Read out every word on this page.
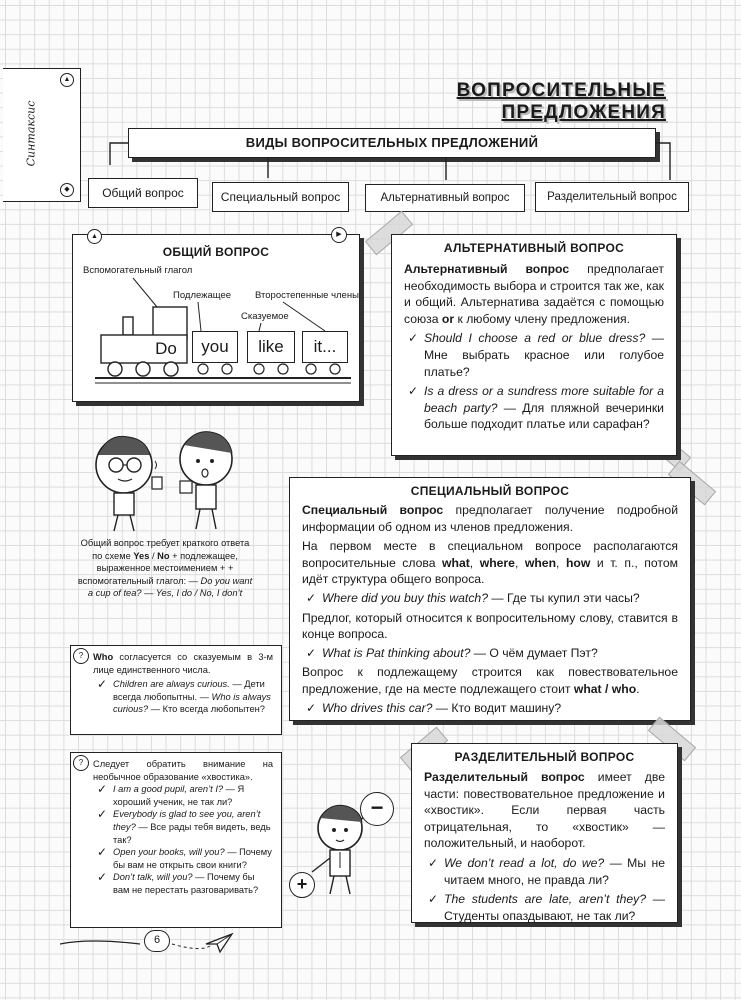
▲
Синтаксис
◆
ВОПРОСИТЕЛЬНЫЕ ПРЕДЛОЖЕНИЯ
ВИДЫ ВОПРОСИТЕЛЬНЫХ ПРЕДЛОЖЕНИЙ
Общий вопрос	Специальный вопрос	Альтернативный вопрос	Разделительный вопрос
▲	▶
ОБЩИЙ ВОПРОС
Вспомогательный глагол
Подлежащее	Второстепенные члены
Сказуемое
Do	you	like	it...
АЛЬТЕРНАТИВНЫЙ ВОПРОС
Альтернативный вопрос предполагает необходимость выбора и строится так же, как и общий. Альтернатива задаётся с помощью союза or к любому члену предложения.
✓ Should I choose a red or blue dress? — Мне выбрать красное или голубое платье?
✓ Is a dress or a sundress more suitable for a beach party? — Для пляжной вечеринки больше подходит платье или сарафан?
Общий вопрос требует краткого ответа по схеме Yes / No + подлежащее, выраженное местоимением + + вспомогательный глагол: — Do you want a cup of tea? — Yes, I do / No, I don’t
СПЕЦИАЛЬНЫЙ ВОПРОС
Специальный вопрос предполагает получение подробной информации об одном из членов предложения.
На первом месте в специальном вопросе располагаются вопросительные слова what, where, when, how и т. п., потом идёт структура общего вопроса.
✓ Where did you buy this watch? — Где ты купил эти часы?
Предлог, который относится к вопросительному слову, ставится в конце вопроса.
✓ What is Pat thinking about? — О чём думает Пэт?
Вопрос к подлежащему строится как повествовательное предложение, где на месте подлежащего стоит what / who.
✓ Who drives this car? — Кто водит машину?
?	Who согласуется со сказуемым в 3-м лице единственного числа.
✓ Children are always curious. — Дети всегда любопытны. — Who is always curious? — Кто всегда любопытен?
?	Следует обратить внимание на необычное образование «хвостика».
✓ I am a good pupil, aren’t I? — Я хороший ученик, не так ли?
✓ Everybody is glad to see you, aren’t they? — Все рады тебя видеть, ведь так?
✓ Open your books, will you? — Почему бы вам не открыть свои книги?
✓ Don’t talk, will you? — Почему бы вам не перестать разговаривать?
−
+
РАЗДЕЛИТЕЛЬНЫЙ ВОПРОС
Разделительный вопрос имеет две части: повествовательное предложение и «хвостик». Если первая часть отрицательная, то «хвостик» — положительный, и наоборот.
✓ We don’t read a lot, do we? — Мы не читаем много, не правда ли?
✓ The students are late, aren’t they? — Студенты опаздывают, не так ли?
6
